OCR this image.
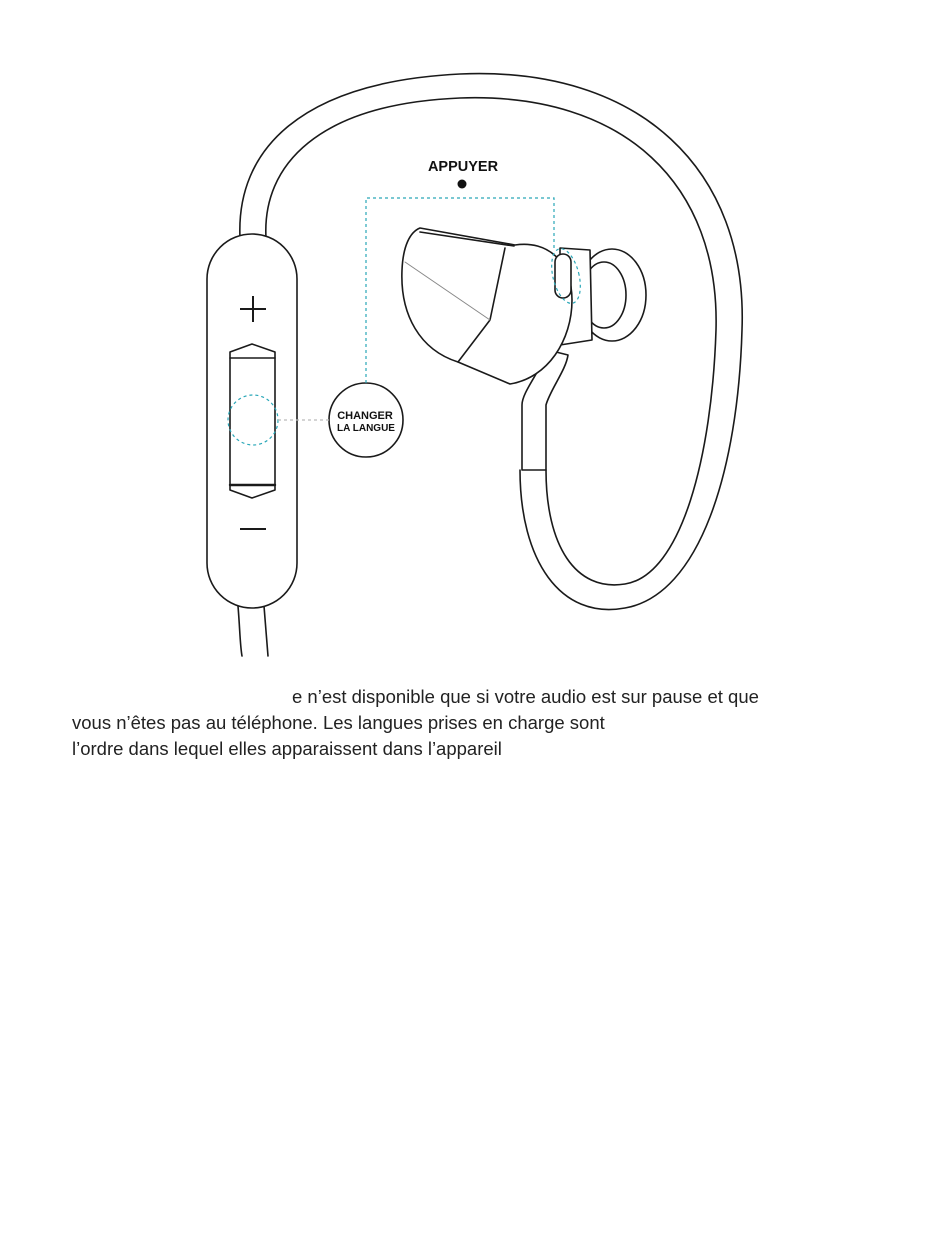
APPUYER
CHANGER
LA LANGUE
e n’est disponible que si votre audio est sur pause et que
vous n’êtes pas au téléphone. Les langues prises en charge sont
l’ordre dans lequel elles apparaissent dans l’appareil
